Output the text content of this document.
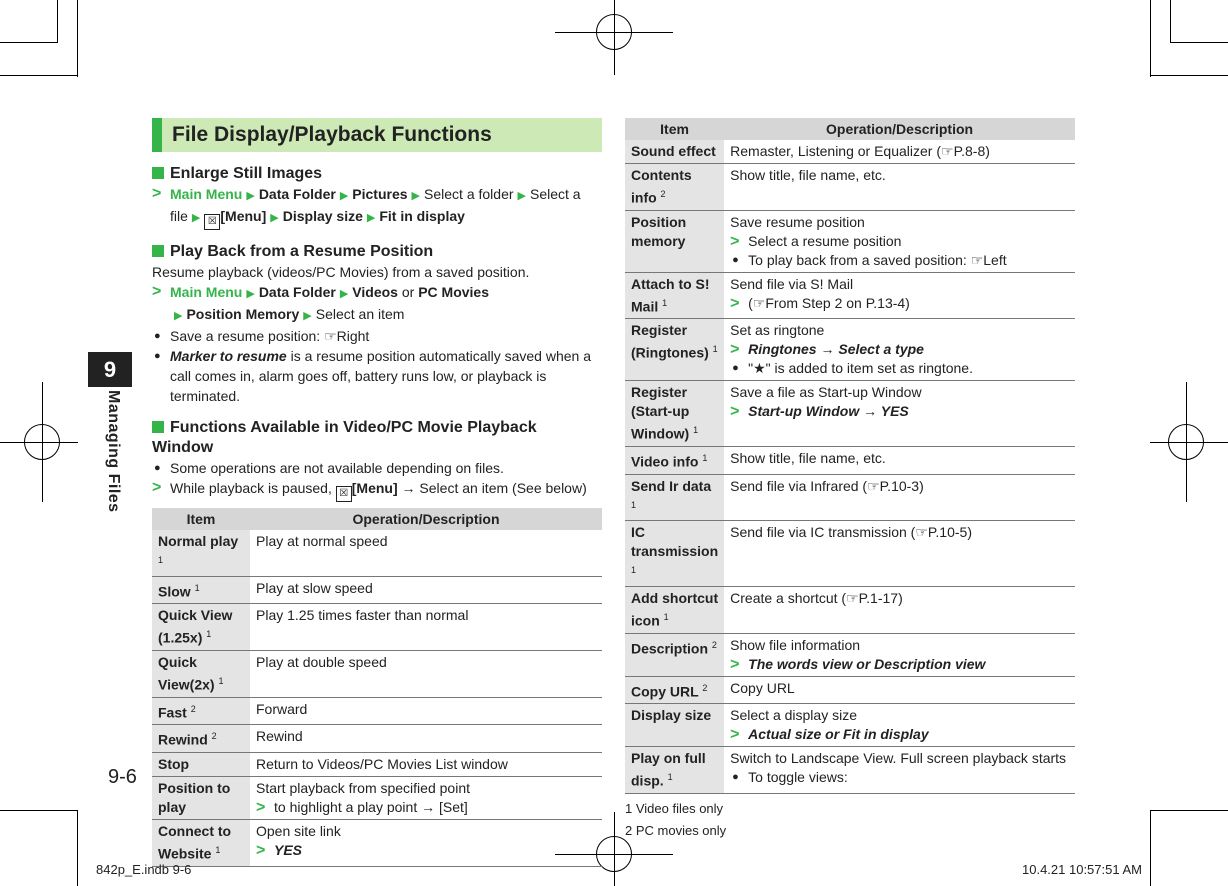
9
Managing Files
9-6
File Display/Playback Functions
Enlarge Still Images
> Main Menu ▶ Data Folder ▶ Pictures ▶ Select a folder ▶ Select a file ▶ ☒ [Menu] ▶ Display size ▶ Fit in display
Play Back from a Resume Position
Resume playback (videos/PC Movies) from a saved position.
> Main Menu ▶ Data Folder ▶ Videos or PC Movies
▶ Position Memory ▶ Select an item
● Save a resume position: ☞Right
● Marker to resume is a resume position automatically saved when a call comes in, alarm goes off, battery runs low, or playback is terminated.
Functions Available in Video/PC Movie Playback Window
● Some operations are not available depending on files.
> While playback is paused, ☒ [Menu] → Select an item (See below)
Item	Operation/Description
Normal play $^1$	Play at normal speed

Slow $^1$	Play at slow speed

Quick View (1.25x) $^1$	Play 1.25 times faster than normal

Quick View(2x) $^1$	Play at double speed

Fast $^2$	Forward

Rewind $^2$	Rewind

Stop	Return to Videos/PC Movies List window

Position to play	Start playback from specified point
> to highlight a play point → [Set]

Connect to Website $^1$	Open site link
> YES
Item	Operation/Description
Sound effect	Remaster, Listening or Equalizer (☞P.8-8)

Contents info $^2$	Show title, file name, etc.

Position memory	Save resume position
> Select a resume position
● To play back from a saved position: ☞Left

Attach to S! Mail $^1$	Send file via S! Mail
> (☞From Step 2 on P.13-4)

Register (Ringtones) $^1$	Set as ringtone
> Ringtones → Select a type
● "★" is added to item set as ringtone.

Register (Start-up Window) $^1$	Save a file as Start-up Window
> Start-up Window → YES

Video info $^1$	Show title, file name, etc.

Send Ir data $^1$	Send file via Infrared (☞P.10-3)

IC transmission $^1$	Send file via IC transmission (☞P.10-5)

Add shortcut icon $^1$	Create a shortcut (☞P.1-17)

Description $^2$	Show file information
> The words view or Description view

Copy URL $^2$	Copy URL

Display size	Select a display size
> Actual size or Fit in display

Play on full disp. $^1$	Switch to Landscape View. Full screen playback starts
● To toggle views:
1 Video files only
2 PC movies only
842p_E.indb 9-6	10.4.21 10:57:51 AM
